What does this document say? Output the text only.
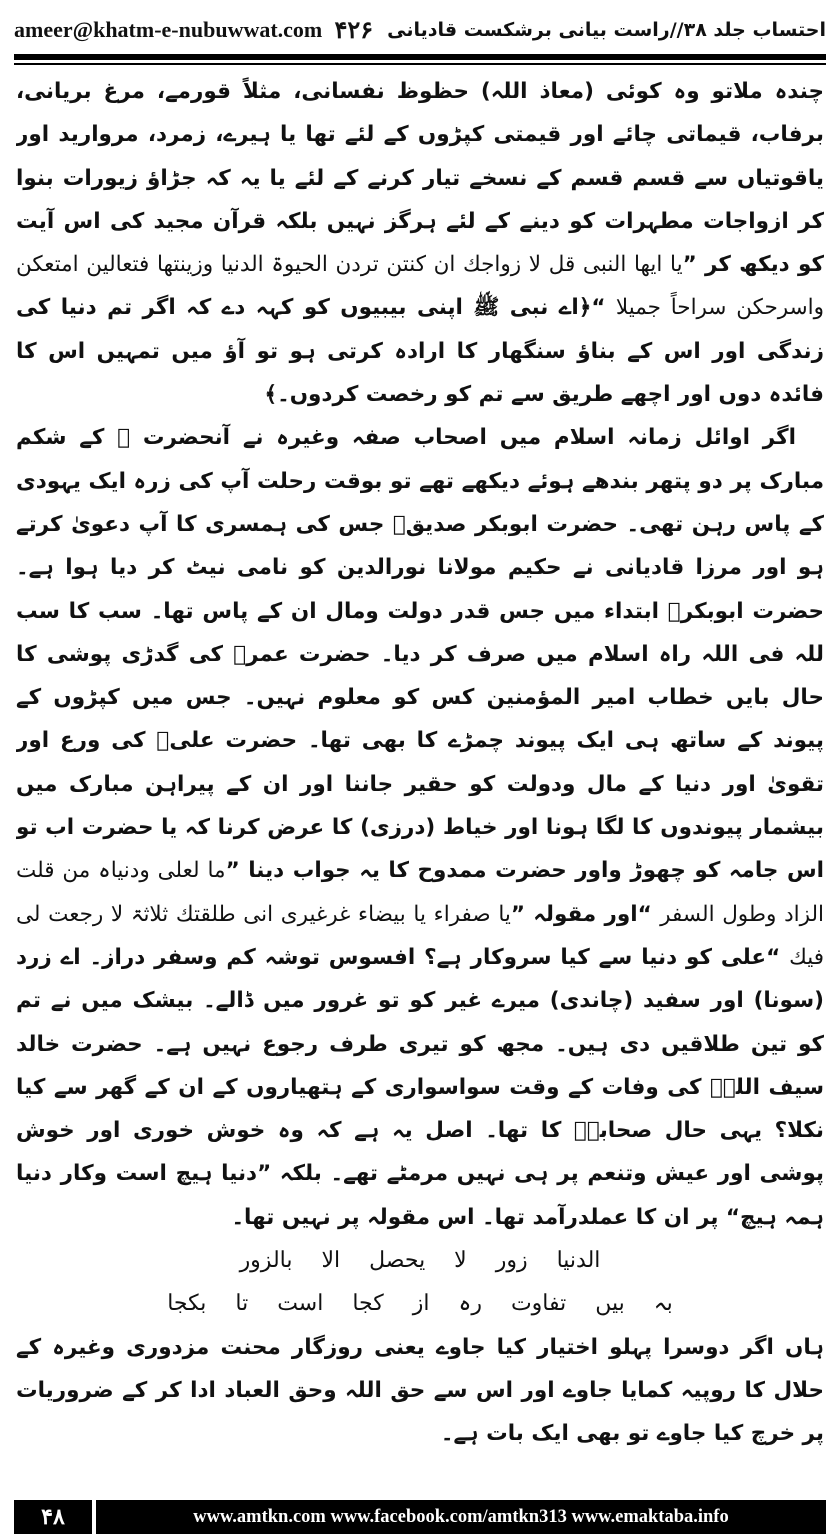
ameer@khatm-e-nubuwwat.com	احتساب جلد ۳۸//راست بیانی برشکست قادیانی
۴۲۶

چندہ ملاتو وہ کوئی (معاذ اللہ) حظوظ نفسانی، مثلاً قورمے، مرغ بریانی، برفاب، قیماتی چائے اور قیمتی کپڑوں کے لئے تھا یا ہیرے، زمرد، مروارید اور یاقوتیاں سے قسم قسم کے نسخے تیار کرنے کے لئے یا یہ کہ جڑاؤ زیورات بنوا کر ازواجات مطہرات کو دینے کے لئے ہرگز نہیں بلکہ قرآن مجید کی اس آیت کو دیکھ کر ”یا ایھا النبی قل لا زواجك ان کنتن تردن الحیوۃ الدنیا وزینتھا فتعالین امتعکن واسرحکن سراحاً جمیلا “﴿اے نبی ﷺ اپنی بیبیوں کو کہہ دے کہ اگر تم دنیا کی زندگی اور اس کے بناؤ سنگھار کا ارادہ کرتی ہو تو آؤ میں تمہیں اس کا فائدہ دوں اور اچھے طریق سے تم کو رخصت کردوں۔﴾

اگر اوائل زمانہ اسلام میں اصحاب صفہ وغیرہ نے آنحضرت ﷺ کے شکم مبارک پر دو پتھر بندھے ہوئے دیکھے تھے تو بوقت رحلت آپ کی زرہ ایک یہودی کے پاس رہن تھی۔ حضرت ابوبکر صدیقؓ جس کی ہمسری کا آپ دعویٰ کرتے ہو اور مرزا قادیانی نے حکیم مولانا نورالدین کو نامی نیٹ کر دیا ہوا ہے۔ حضرت ابوبکرؓ ابتداء میں جس قدر دولت ومال ان کے پاس تھا۔ سب کا سب للہ فی اللہ راہ اسلام میں صرف کر دیا۔ حضرت عمرؓ کی گدڑی پوشی کا حال بایں خطاب امیر المؤمنین کس کو معلوم نہیں۔ جس میں کپڑوں کے پیوند کے ساتھ ہی ایک پیوند چمڑے کا بھی تھا۔ حضرت علیؓ کی ورع اور تقویٰ اور دنیا کے مال ودولت کو حقیر جاننا اور ان کے پیراہن مبارک میں بیشمار پیوندوں کا لگا ہونا اور خیاط (درزی) کا عرض کرنا کہ یا حضرت اب تو اس جامہ کو چھوڑ واور حضرت ممدوح کا یہ جواب دینا ”ما لعلی ودنیاہ من قلت الزاد وطول السفر “اور مقولہ ”یا صفراء یا بیضاء غرغیری انی طلقتك ثلاثۃ لا رجعت لی فیك “علی کو دنیا سے کیا سروکار ہے؟ افسوس توشہ کم وسفر دراز۔ اے زرد (سونا) اور سفید (چاندی) میرے غیر کو تو غرور میں ڈالے۔ بیشک میں نے تم کو تین طلاقیں دی ہیں۔ مجھ کو تیری طرف رجوع نہیں ہے۔ حضرت خالد سیف اللہؓ کی وفات کے وقت سواسواری کے ہتھیاروں کے ان کے گھر سے کیا نکلا؟ یہی حال صحابہؓ کا تھا۔ اصل یہ ہے کہ وہ خوش خوری اور خوش پوشی اور عیش وتنعم پر ہی نہیں مرمٹے تھے۔ بلکہ ”دنیا ہیچ است وکار دنیا ہمہ ہیچ“ پر ان کا عملدرآمد تھا۔ اس مقولہ پر نہیں تھا۔

الدنیا زور لا یحصل الا بالزور

بہ بیں تفاوت رہ از کجا است تا بکجا

ہاں اگر دوسرا پہلو اختیار کیا جاوے یعنی روزگار محنت مزدوری وغیرہ کے حلال کا روپیہ کمایا جاوے اور اس سے حق اللہ وحق العباد ادا کر کے ضروریات پر خرچ کیا جاوے تو بھی ایک بات ہے۔

۴۸	www.amtkn.com www.facebook.com/amtkn313 www.emaktaba.info
